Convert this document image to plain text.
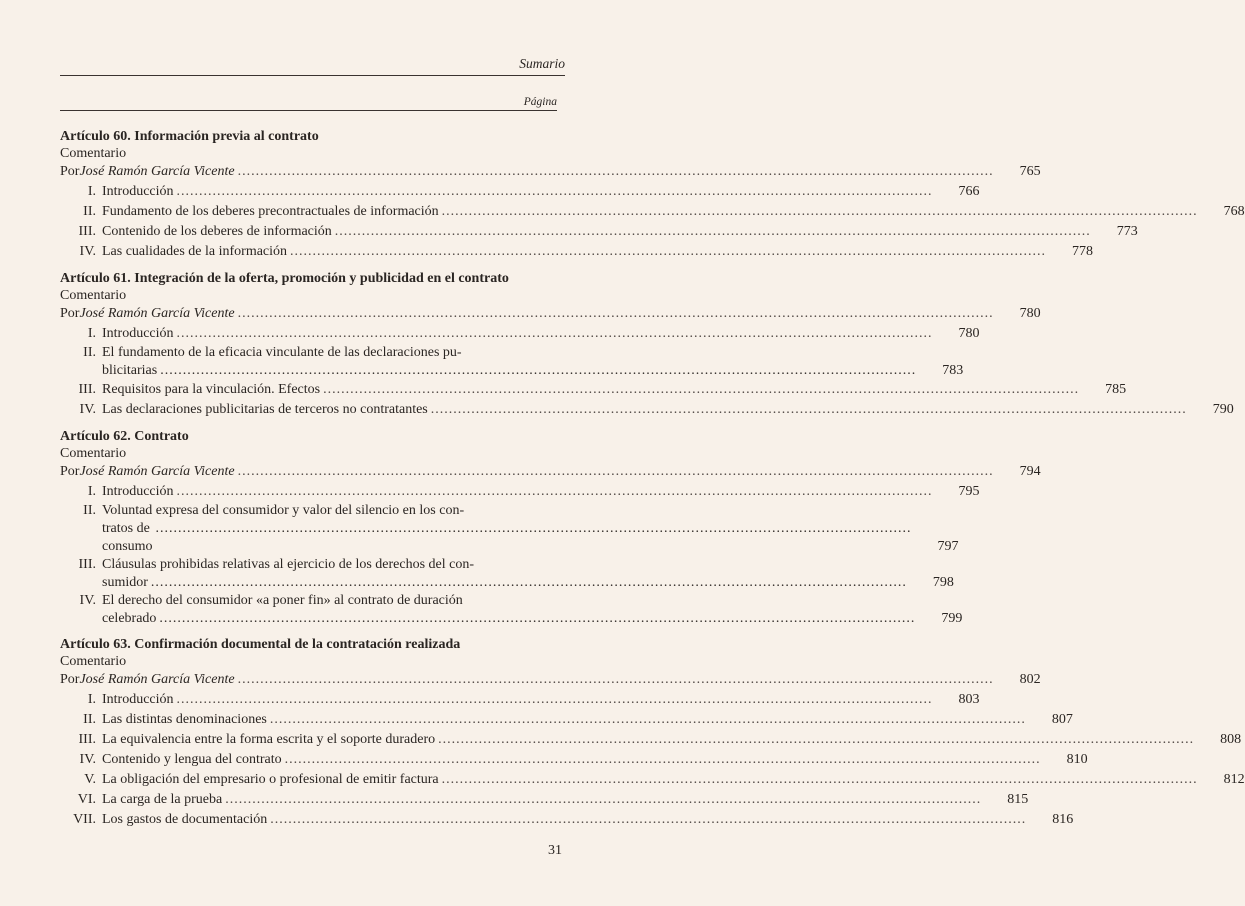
Sumario
Página
Artículo 60. Información previa al contrato
Comentario
Por José Ramón García Vicente .....	765
I. Introducción .....	766
II. Fundamento de los deberes precontractuales de información .....	768
III. Contenido de los deberes de información .....	773
IV. Las cualidades de la información .....	778
Artículo 61. Integración de la oferta, promoción y publicidad en el contrato
Comentario
Por José Ramón García Vicente .....	780
I. Introducción .....	780
II. El fundamento de la eficacia vinculante de las declaraciones pu-
blicitarias .....	783
III. Requisitos para la vinculación. Efectos .....	785
IV. Las declaraciones publicitarias de terceros no contratantes .....	790
Artículo 62. Contrato
Comentario
Por José Ramón García Vicente .....	794
I. Introducción .....	795
II. Voluntad expresa del consumidor y valor del silencio en los con-
tratos de consumo
.....	797
III. Cláusulas prohibidas relativas al ejercicio de los derechos del con-
sumidor .....	798
IV. El derecho del consumidor «a poner fin» al contrato de duración
celebrado .....	799
Artículo 63. Confirmación documental de la contratación realizada
Comentario
Por José Ramón García Vicente .....	802
I. Introducción .....	803
II. Las distintas denominaciones .....	807
III. La equivalencia entre la forma escrita y el soporte duradero .....	808
IV. Contenido y lengua del contrato .....	810
V. La obligación del empresario o profesional de emitir factura .....	812
VI. La carga de la prueba .....	815
VII. Los gastos de documentación .....	816
31
